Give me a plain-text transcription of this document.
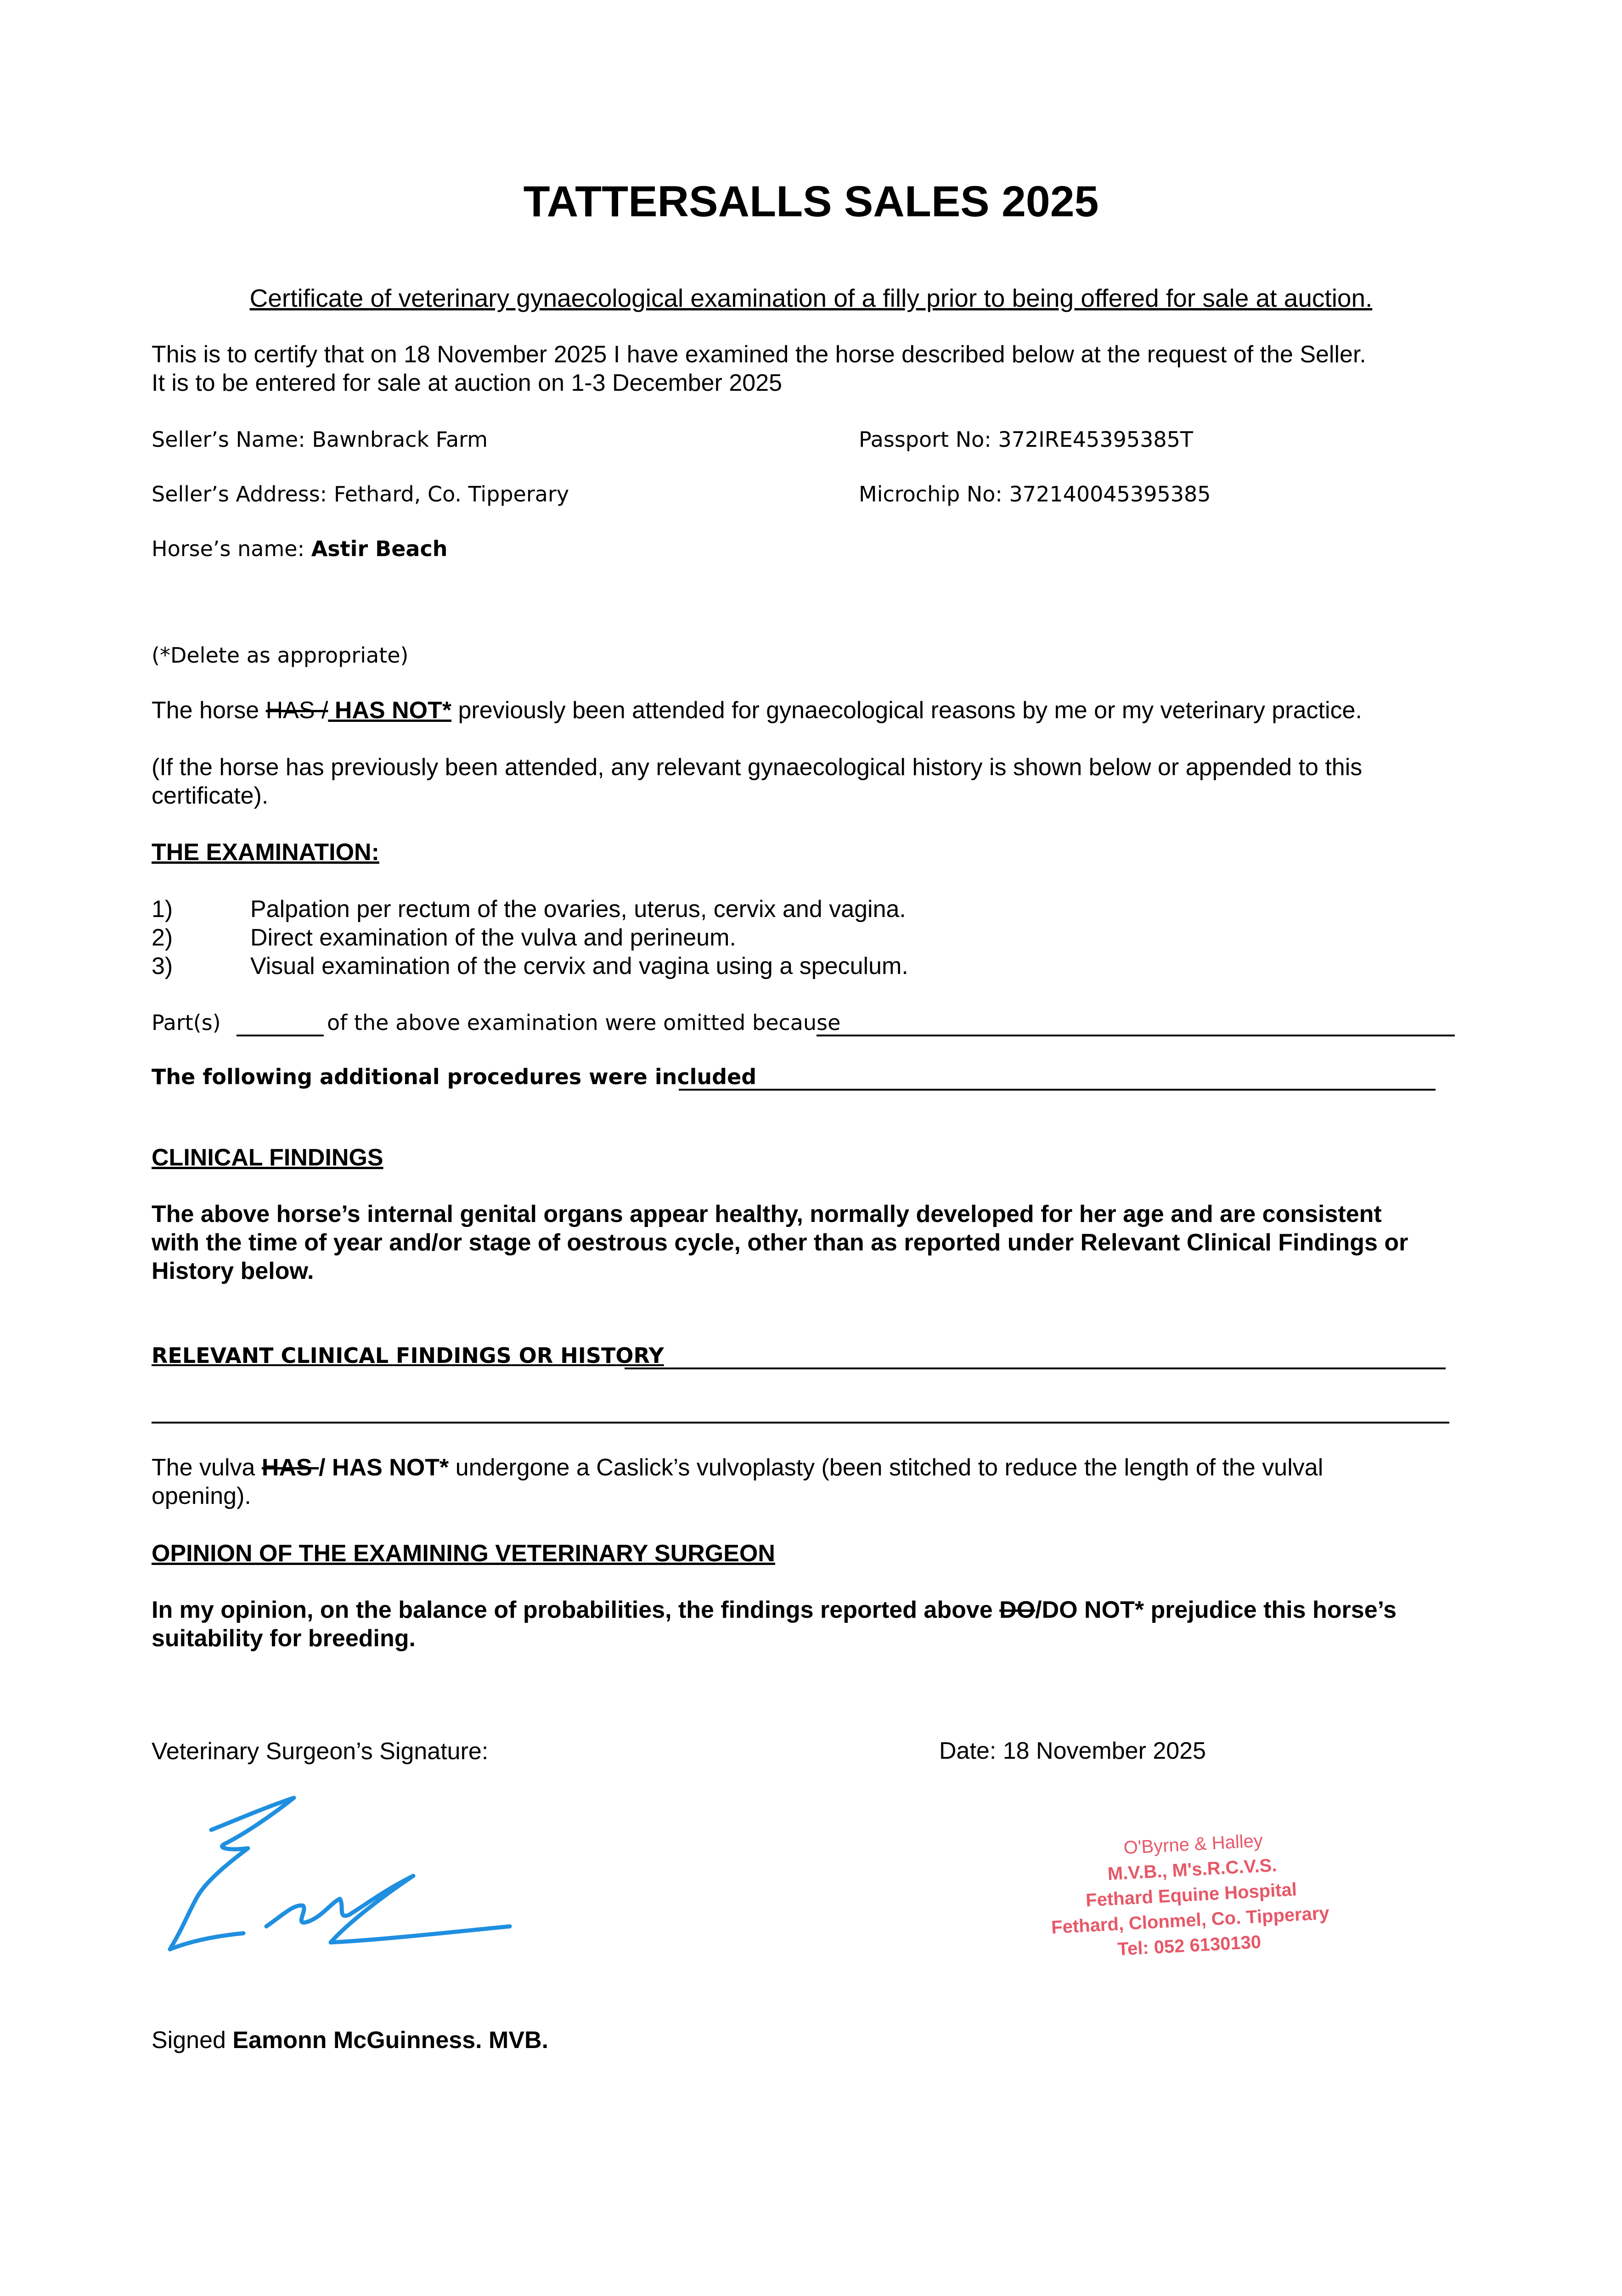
TATTERSALLS SALES 2025
Certificate of veterinary gynaecological examination of a filly prior to being offered for sale at auction.
This is to certify that on 18 November 2025 I have examined the horse described below at the request of the Seller.
It is to be entered for sale at auction on 1-3 December 2025
Seller’s Name: Bawnbrack Farm	Passport No: 372IRE45395385T
Seller’s Address: Fethard, Co. Tipperary	Microchip No: 372140045395385
Horse’s name: Astir Beach
(*Delete as appropriate)
The horse HAS / HAS NOT* previously been attended for gynaecological reasons by me or my veterinary practice.
(If the horse has previously been attended, any relevant gynaecological history is shown below or appended to this
certificate).
THE EXAMINATION:
1)	Palpation per rectum of the ovaries, uterus, cervix and vagina.
2)	Direct examination of the vulva and perineum.
3)	Visual examination of the cervix and vagina using a speculum.
Part(s)	of the above examination were omitted because
The following additional procedures were included
CLINICAL FINDINGS
The above horse’s internal genital organs appear healthy, normally developed for her age and are consistent
with the time of year and/or stage of oestrous cycle, other than as reported under Relevant Clinical Findings or
History below.
RELEVANT CLINICAL FINDINGS OR HISTORY
The vulva HAS / HAS NOT* undergone a Caslick’s vulvoplasty (been stitched to reduce the length of the vulval
opening).
OPINION OF THE EXAMINING VETERINARY SURGEON
In my opinion, on the balance of probabilities, the findings reported above DO/DO NOT* prejudice this horse’s
suitability for breeding.
Veterinary Surgeon’s Signature:	Date: 18 November 2025
O'Byrne & Halley
M.V.B., M's.R.C.V.S.
Fethard Equine Hospital
Fethard, Clonmel, Co. Tipperary
Tel: 052 6130130
Signed Eamonn McGuinness. MVB.
